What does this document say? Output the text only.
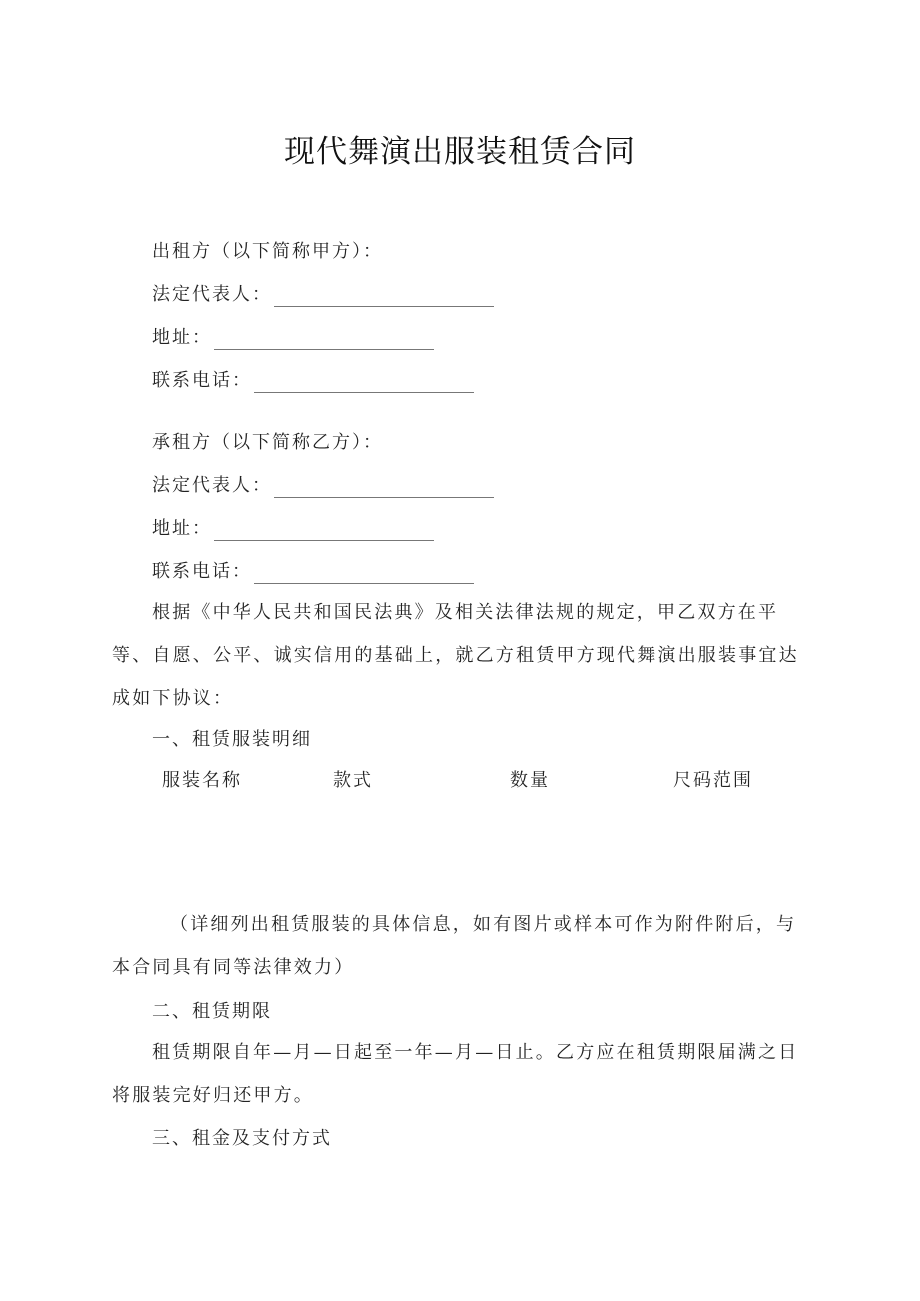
现代舞演出服装租赁合同
出租方（以下简称甲方）：
法定代表人：
地址：
联系电话：
承租方（以下简称乙方）：
法定代表人：
地址：
联系电话：

根据《中华人民共和国民法典》及相关法律法规的规定，甲乙双方在平等、自愿、公平、诚实信用的基础上，就乙方租赁甲方现代舞演出服装事宜达成如下协议：

一、租赁服装明细
服装名称	款式	数量	尺码范围

（详细列出租赁服装的具体信息，如有图片或样本可作为附件附后，与本合同具有同等法律效力）

二、租赁期限

租赁期限自年—月—日起至一年—月—日止。乙方应在租赁期限届满之日将服装完好归还甲方。

三、租金及支付方式
